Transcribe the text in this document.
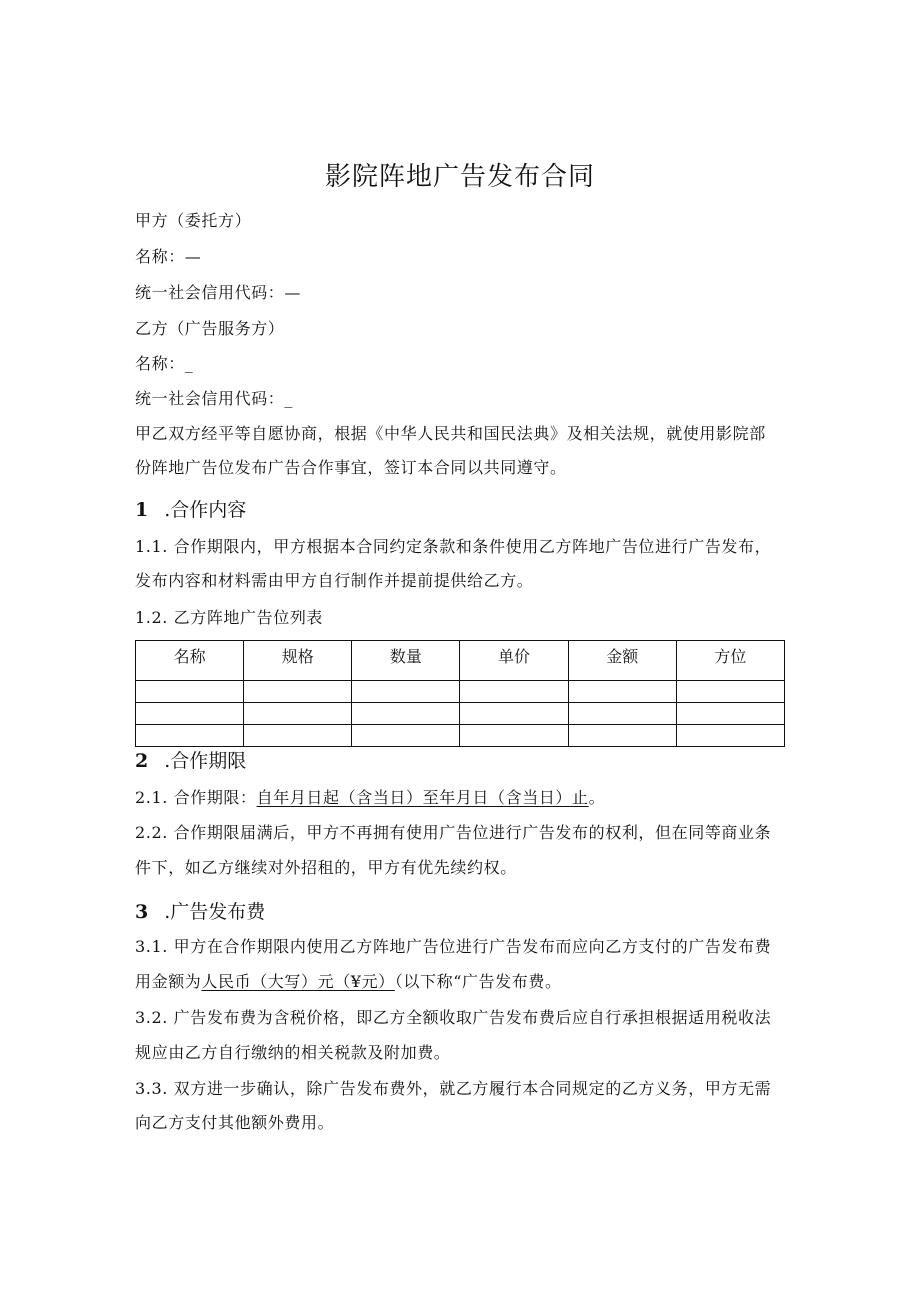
影院阵地广告发布合同

甲方（委托方）

名称：—

统一社会信用代码：—

乙方（广告服务方）

名称：_

统一社会信用代码：_

甲乙双方经平等自愿协商，根据《中华人民共和国民法典》及相关法规，就使用影院部

份阵地广告位发布广告合作事宜，签订本合同以共同遵守。

1 .合作内容

1.1. 合作期限内，甲方根据本合同约定条款和条件使用乙方阵地广告位进行广告发布，

发布内容和材料需由甲方自行制作并提前提供给乙方。

1.2. 乙方阵地广告位列表

名称	规格	数量	单价	金额	方位

2 .合作期限

2.1. 合作期限：自年月日起（含当日）至年月日（含当日）止。

2.2. 合作期限届满后，甲方不再拥有使用广告位进行广告发布的权利，但在同等商业条

件下，如乙方继续对外招租的，甲方有优先续约权。

3 .广告发布费

3.1. 甲方在合作期限内使用乙方阵地广告位进行广告发布而应向乙方支付的广告发布费

用金额为人民币（大写）元（¥元）（以下称“广告发布费。

3.2. 广告发布费为含税价格，即乙方全额收取广告发布费后应自行承担根据适用税收法

规应由乙方自行缴纳的相关税款及附加费。

3.3. 双方进一步确认，除广告发布费外，就乙方履行本合同规定的乙方义务，甲方无需

向乙方支付其他额外费用。
